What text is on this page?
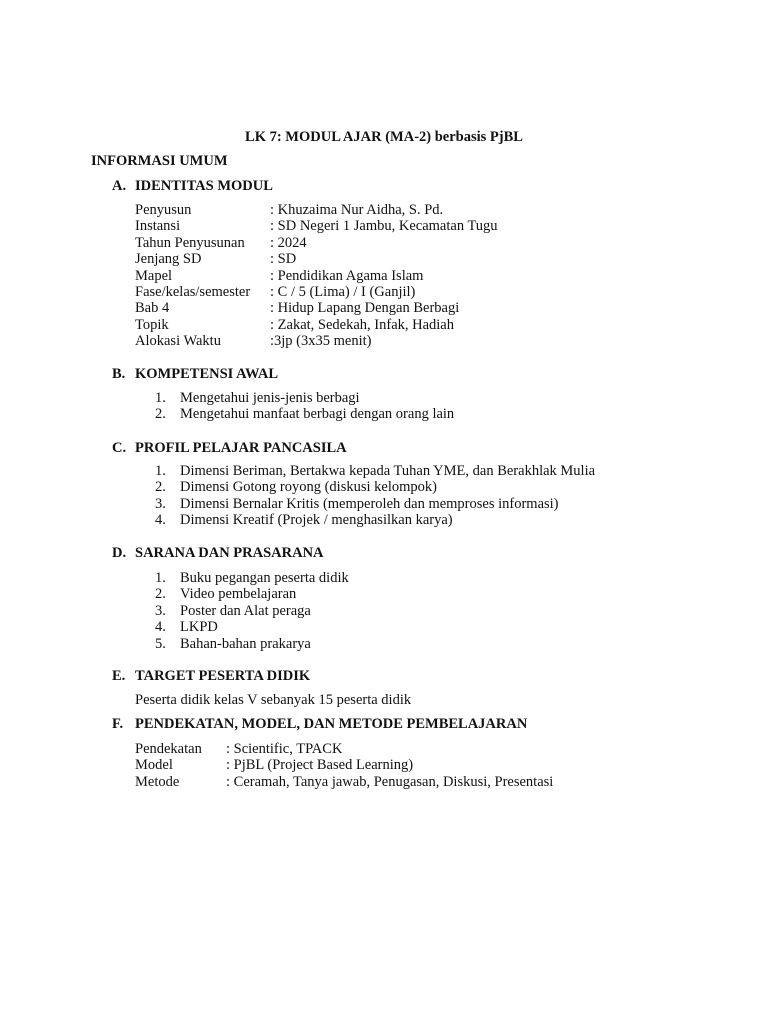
LK 7: MODUL AJAR (MA-2) berbasis PjBL
INFORMASI UMUM
A. IDENTITAS MODUL
Penyusun	: Khuzaima Nur Aidha, S. Pd.
Instansi	: SD Negeri 1 Jambu, Kecamatan Tugu
Tahun Penyusunan	: 2024
Jenjang SD	: SD
Mapel	: Pendidikan Agama Islam
Fase/kelas/semester	: C / 5 (Lima) / I (Ganjil)
Bab 4	: Hidup Lapang Dengan Berbagi
Topik	: Zakat, Sedekah, Infak, Hadiah
Alokasi Waktu	:3jp (3x35 menit)
B. KOMPETENSI AWAL
1. Mengetahui jenis-jenis berbagi
2. Mengetahui manfaat berbagi dengan orang lain
C. PROFIL PELAJAR PANCASILA
1. Dimensi Beriman, Bertakwa kepada Tuhan YME, dan Berakhlak Mulia
2. Dimensi Gotong royong (diskusi kelompok)
3. Dimensi Bernalar Kritis (memperoleh dan memproses informasi)
4. Dimensi Kreatif (Projek / menghasilkan karya)
D. SARANA DAN PRASARANA
1. Buku pegangan peserta didik
2. Video pembelajaran
3. Poster dan Alat peraga
4. LKPD
5. Bahan-bahan prakarya
E. TARGET PESERTA DIDIK
Peserta didik kelas V sebanyak 15 peserta didik
F. PENDEKATAN, MODEL, DAN METODE PEMBELAJARAN
Pendekatan	: Scientific, TPACK
Model	: PjBL (Project Based Learning)
Metode	: Ceramah, Tanya jawab, Penugasan, Diskusi, Presentasi
